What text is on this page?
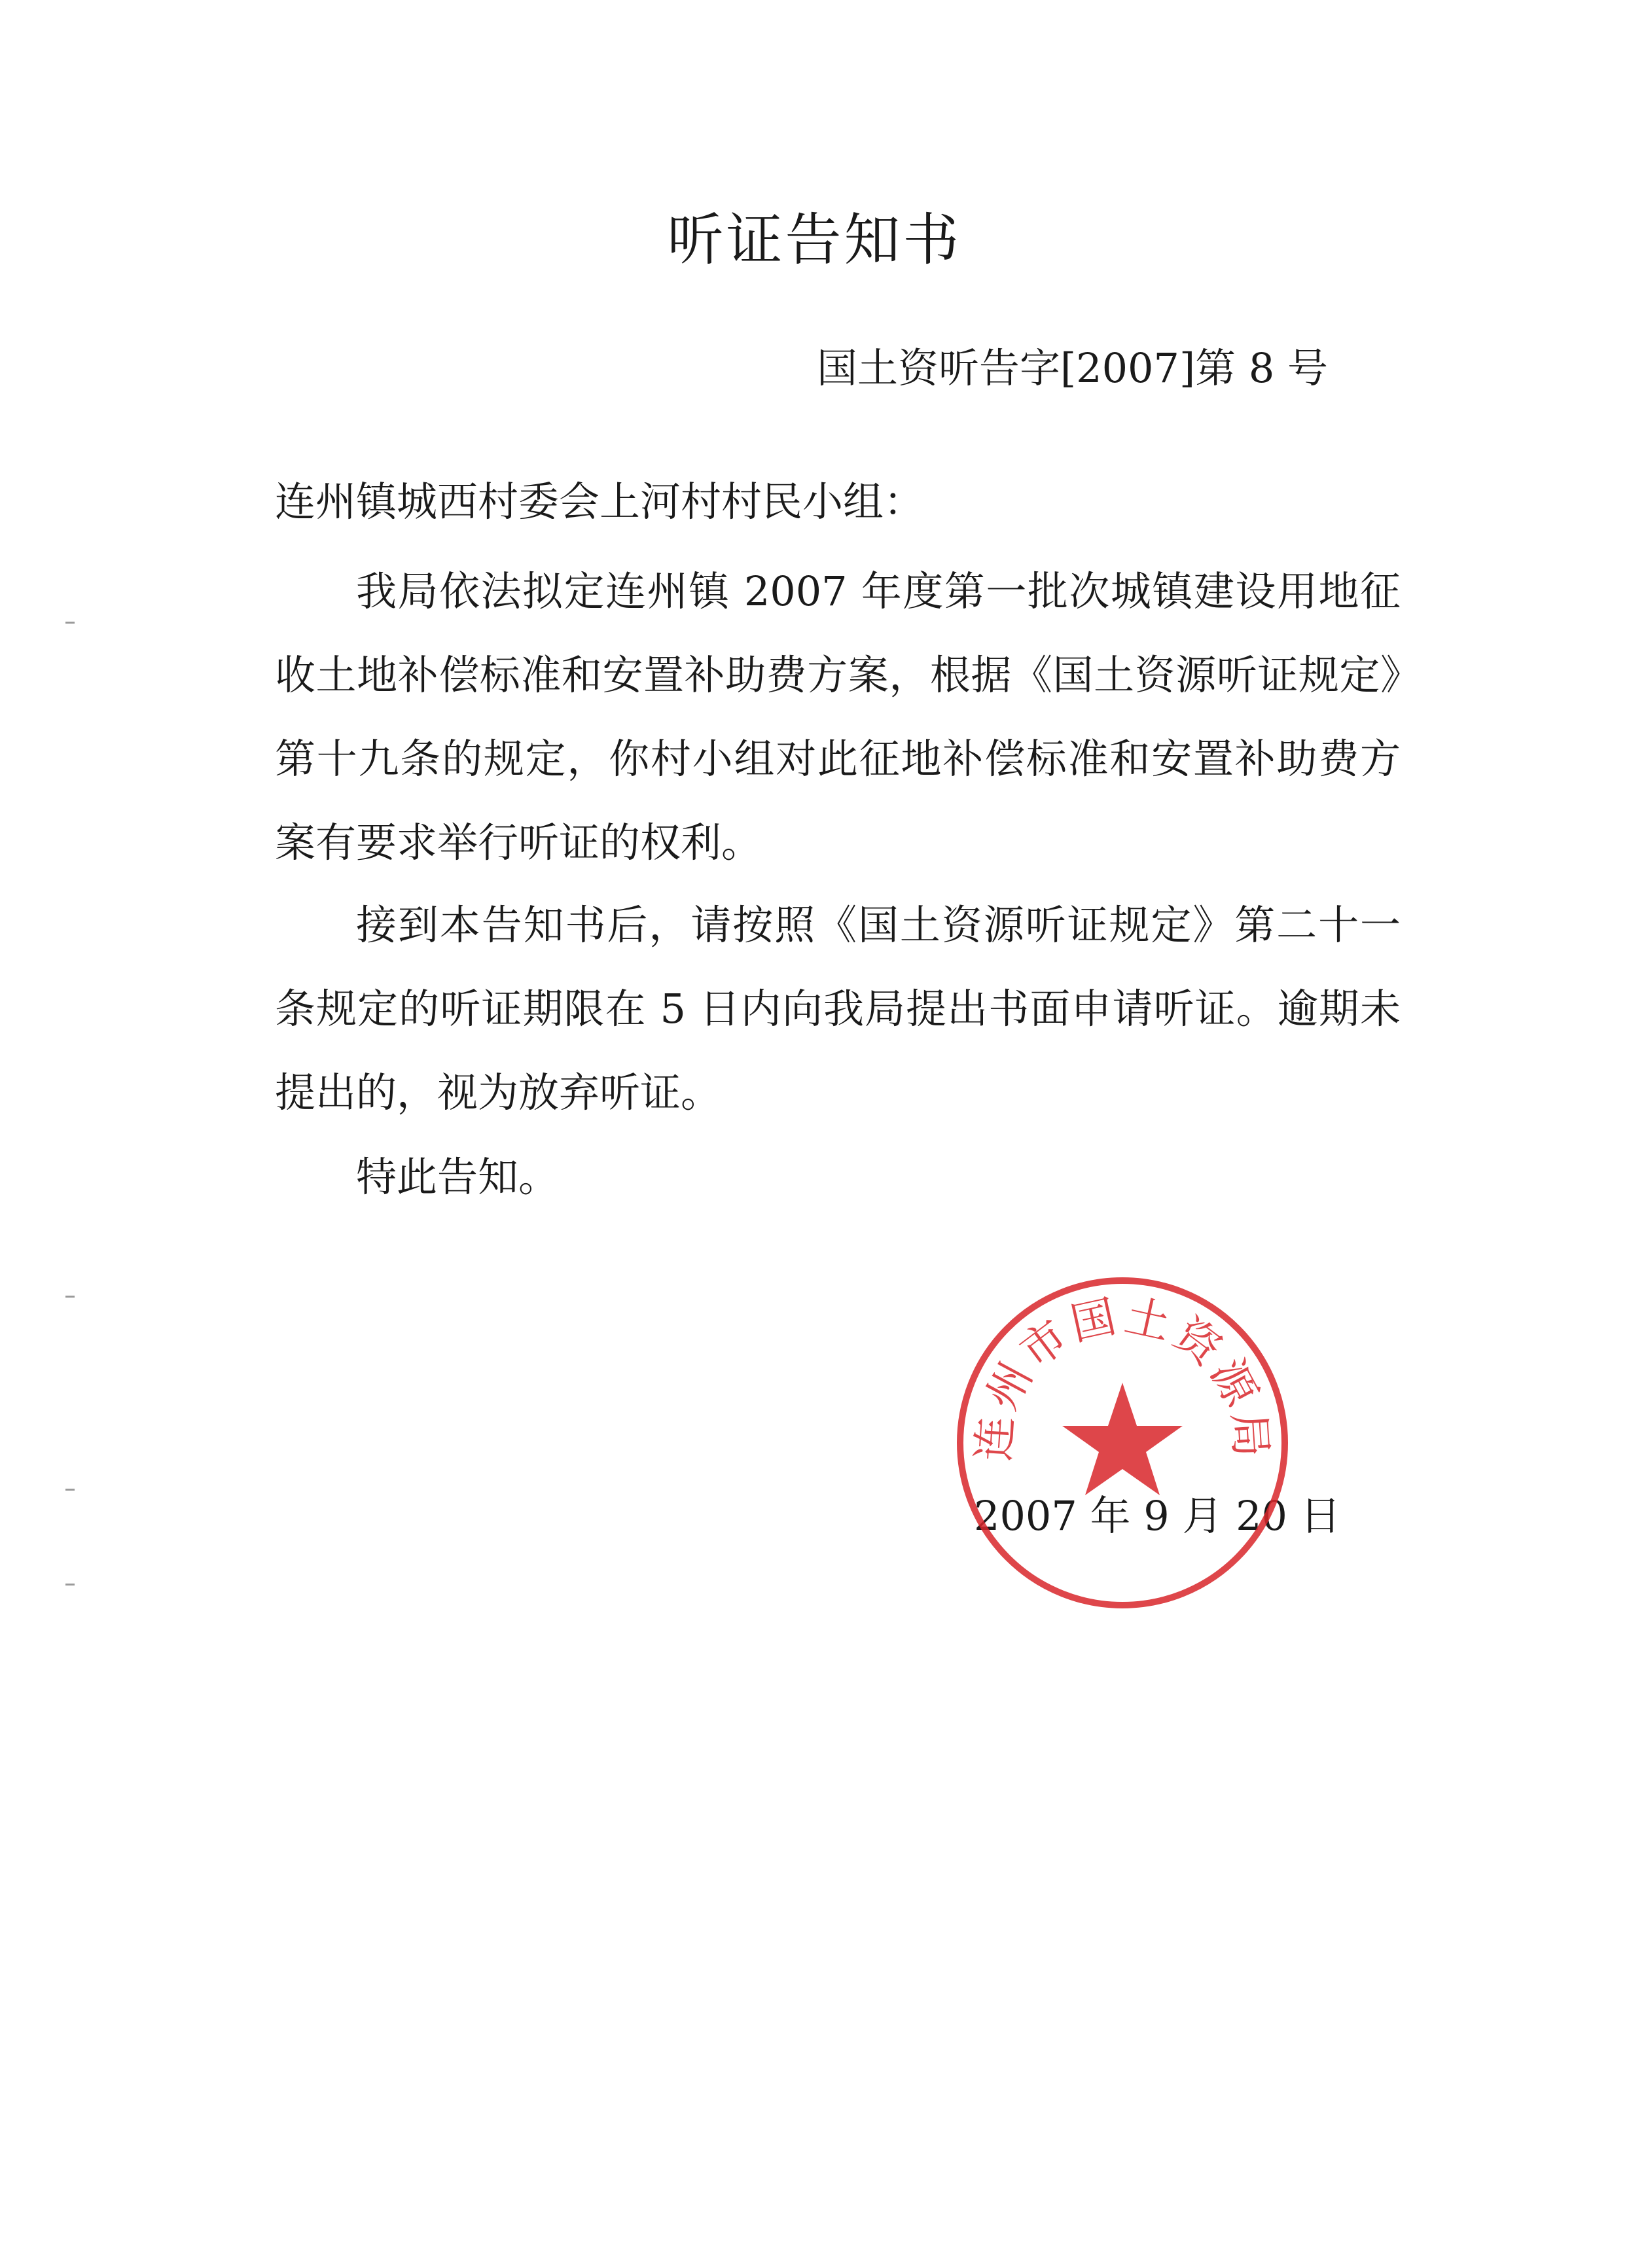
听证告知书
国土资听告字[2007]第 8 号
连州镇城西村委会上河村村民小组：

我局依法拟定连州镇 2007 年度第一批次城镇建设用地征收土地补偿标准和安置补助费方案，根据《国土资源听证规定》第十九条的规定，你村小组对此征地补偿标准和安置补助费方案有要求举行听证的权利。

接到本告知书后，请按照《国土资源听证规定》第二十一条规定的听证期限在 5 日内向我局提出书面申请听证。逾期未提出的，视为放弃听证。

特此告知。

2007 年 9 月 20 日
连州市国土资源局
